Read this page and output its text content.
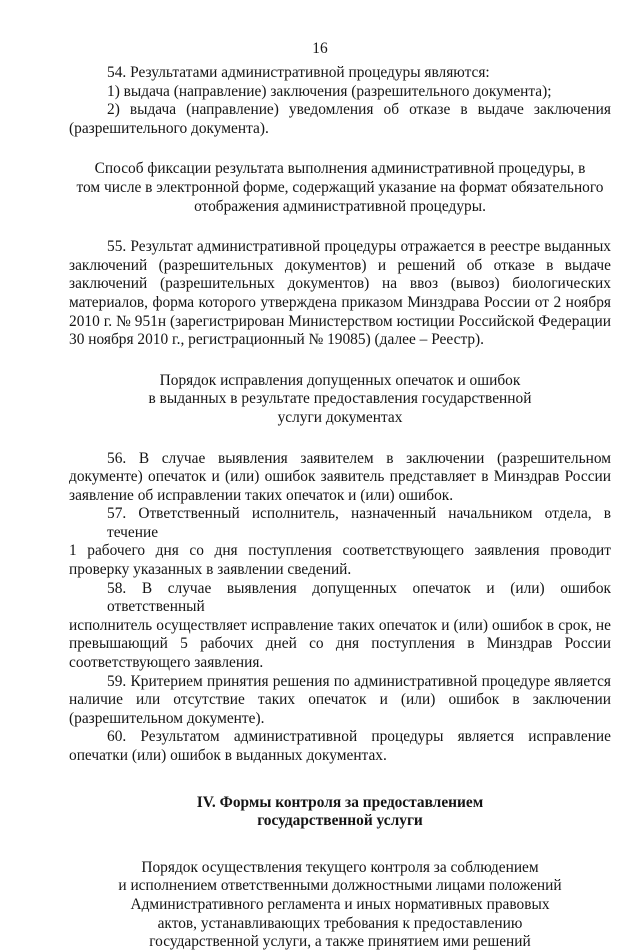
16
54. Результатами административной процедуры являются:
1) выдача (направление) заключения (разрешительного документа);
2) выдача (направление) уведомления об отказе в выдаче заключения
(разрешительного документа).
Способ фиксации результата выполнения административной процедуры, в
том числе в электронной форме, содержащий указание на формат обязательного
отображения административной процедуры.
55. Результат административной процедуры отражается в реестре выданных
заключений (разрешительных документов) и решений об отказе в выдаче
заключений (разрешительных документов) на ввоз (вывоз) биологических
материалов, форма которого утверждена приказом Минздрава России от 2 ноября
2010 г. № 951н (зарегистрирован Министерством юстиции Российской Федерации
30 ноября 2010 г., регистрационный № 19085) (далее – Реестр).
Порядок исправления допущенных опечаток и ошибок
в выданных в результате предоставления государственной
услуги документах
56. В случае выявления заявителем в заключении (разрешительном
документе) опечаток и (или) ошибок заявитель представляет в Минздрав России
заявление об исправлении таких опечаток и (или) ошибок.
57. Ответственный исполнитель, назначенный начальником отдела, в течение
1 рабочего дня со дня поступления соответствующего заявления проводит
проверку указанных в заявлении сведений.
58. В случае выявления допущенных опечаток и (или) ошибок ответственный
исполнитель осуществляет исправление таких опечаток и (или) ошибок в срок, не
превышающий 5 рабочих дней со дня поступления в Минздрав России
соответствующего заявления.
59. Критерием принятия решения по административной процедуре является
наличие или отсутствие таких опечаток и (или) ошибок в заключении
(разрешительном документе).
60. Результатом административной процедуры является исправление
опечатки (или) ошибок в выданных документах.
IV. Формы контроля за предоставлением
государственной услуги
Порядок осуществления текущего контроля за соблюдением
и исполнением ответственными должностными лицами положений
Административного регламента и иных нормативных правовых
актов, устанавливающих требования к предоставлению
государственной услуги, а также принятием ими решений
